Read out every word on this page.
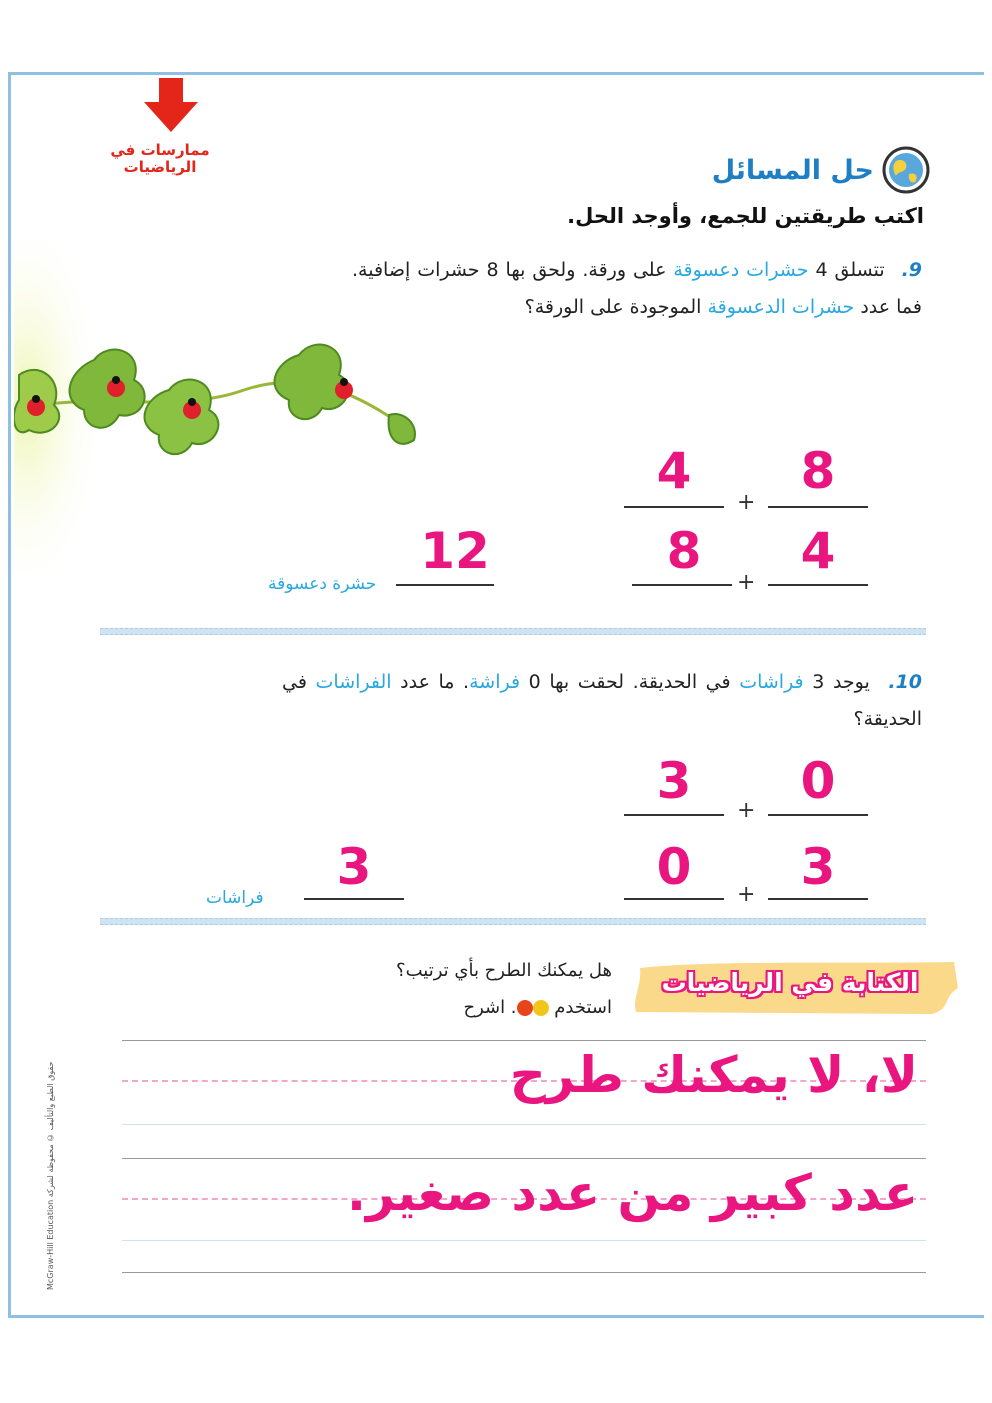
ممارسات في الرياضيات	حل المسائل
اكتب طريقتين للجمع، وأوجد الحل.
9. تتسلق 4 حشرات دعسوقة على ورقة. ولحق بها 8 حشرات إضافية. فما عدد حشرات الدعسوقة الموجودة على الورقة؟
8
4
+
4
8
+
12
حشرة دعسوقة
10. يوجد 3 فراشات في الحديقة. لحقت بها 0 فراشة. ما عدد الفراشات في الحديقة؟
0
3
+
3
0	+
3
فراشات
الكتابة في الرياضيات
هل يمكنك الطرح بأي ترتيب؟
استخدم . اشرح
لا، لا يمكنك طرح
عدد كبير من عدد صغير.
McGraw-Hill Education حقوق الطبع والتأليف © محفوظة لشركة
